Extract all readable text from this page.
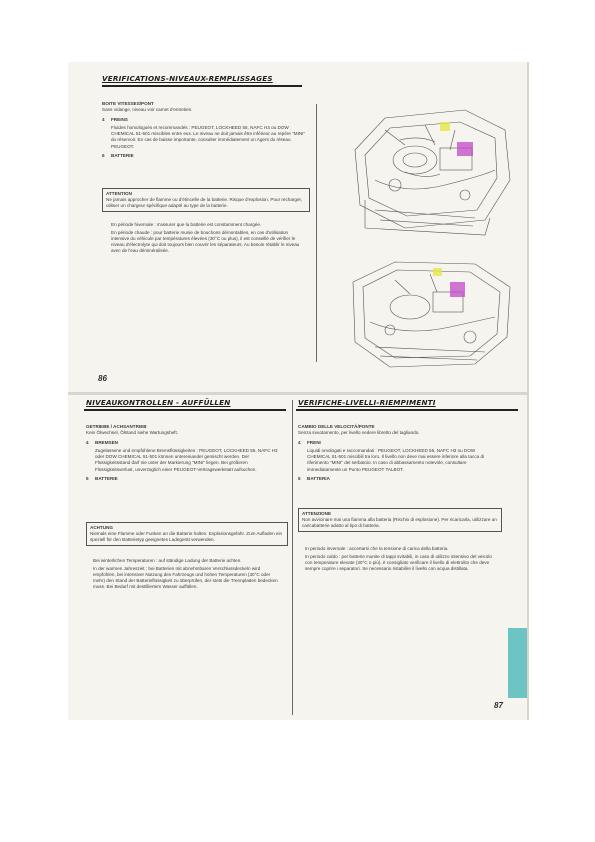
VERIFICATIONS-NIVEAUX-REMPLISSAGES

BOITE VITESSES/PONT
Sans vidange, niveau voir carnet d'entretien.

4 FREINS

Fluides homologués et recommandés : PEUGEOT, LOCKHEED 55, NAFC H3 ou DOW CHEMICAL 51-501 miscibles entre eux. Le niveau ne doit jamais être inférieur au repère "MINI" du réservoir. En cas de baisse importante, consulter immédiatement un Agent du réseau PEUGEOT.

6 BATTERIE

ATTENTION
Ne jamais approcher de flamme ou d'étincelle de la batterie. Risque d'explosion. Pour recharger, utiliser un chargeur spécifique adapté au type de la batterie.

En période hivernale : s'assurer que la batterie est constamment chargée.

En période chaude : pour batterie munie de bouchons démontables, en cas d'utilisation intensive du véhicule par températures élevées (30°C ou plus), il est conseillé de vérifier le niveau d'électrolyte qui doit toujours bien couvrir les séparateurs. Au besoin rétablir le niveau avec de l'eau déminéralisée.

86
NIVEAUKONTROLLEN - AUFFÜLLEN

GETRIEBE / ACHSANTRIEB
Kein Ölwechsel, Ölstand siehe Wartungsheft.

4 BREMSEN

Zugelassene und empfohlene Bremsflüssigkeiten : PEUGEOT, LOCKHEED 55, NAFC H3 oder DOW CHEMICAL 51-501 können untereinander gemischt werden. Der Flüssigkeitsstand darf nie unter der Markierung "MINI" liegen. Bei größeren Flüssigkeitsverlust, unverzüglich einer PEUGEOT-Vertragswerkstatt aufsuchen.

5 BATTERIE

ACHTUNG
Niemals eine Flamme oder Funken an die Batterie halten. Explosionsgefahr. Zum Aufladen ein speziell für den Batterietyp geeignetes Ladegerät verwenden.

Bei winterlichen Temperaturen : auf ständige Ladung der Batterie achten.

In der warmen Jahreszeit : bei Batterien mit abnehmbaren Verschlussdeckeln wird empfohlen, bei intensiver Nutzung des Fahrzeugs und hohen Temperaturen (30°C oder mehr) den Stand der Batterieflüssigkeit zu überprüfen, der stets die Trennplatten bedecken muss. Bei Bedarf mit destilliertem Wasser auffüllen.

VERIFICHE-LIVELLI-RIEMPIMENTI

CAMBIO DELLE VELOCITÀ/PONTE
Senza svuotamento, per livello vedere libretto del tagliando.

4 FRENI

Liquidi omologati e raccomandati : PEUGEOT, LOCKHEED 55, NAFC H3 ou DOW CHEMICAL 51-501 miscibili tra loro. Il livello non deve mai essere inferiore alla tacca di riferimento "MINI" del serbatoio. In caso di abbassamento notevole, consultare immediatamente un Punto PEUGEOT TALBOT.

5 BATTERIA

ATTENZIONE
Non avvicinare mai una fiamma alla batteria (Rischio di esplosione). Per ricaricarla, utilizzare un caricabatterie adatto al tipo di batteria.

In periodo invernale : accertarsi che la tensione di carica della batteria.

In periodo caldo : per batterie munite di tappi svitabili, in caso di utilizzo intensivo del veicolo con temperature elevate (30°C o più), è consigliato verificare il livello di elettrolito che deve sempre coprire i separatori. Se necessario ristabilire il livello con acqua distillata.

87
